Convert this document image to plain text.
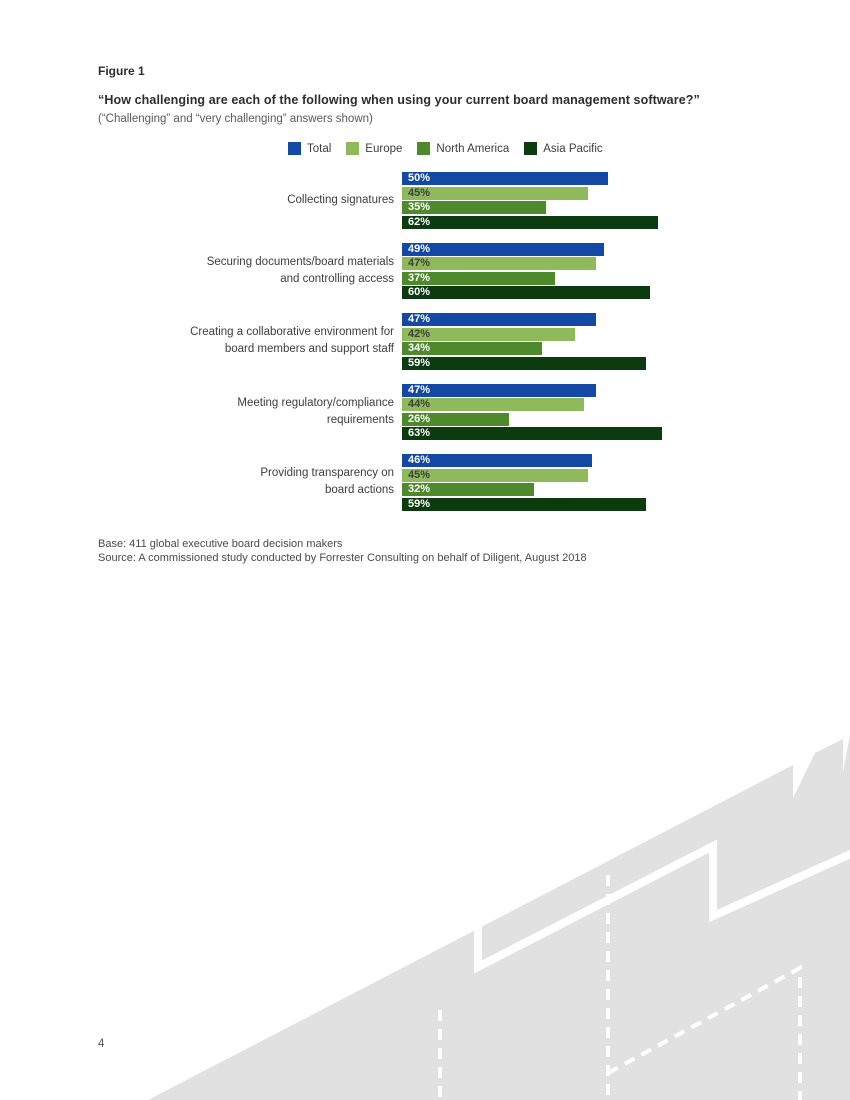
Figure 1
“How challenging are each of the following when using your current board management software?”
(“Challenging” and “very challenging” answers shown)
Total	Europe	North America	Asia Pacific
Collecting signatures
50%
45%
35%
62%
Securing documents/board materials
and controlling access
49%
47%
37%
60%
Creating a collaborative environment for
board members and support staff
47%
42%
34%
59%
Meeting regulatory/compliance
requirements
47%
44%
26%
63%
Providing transparency on
board actions
46%
45%
32%
59%
Base: 411 global executive board decision makers
Source: A commissioned study conducted by Forrester Consulting on behalf of Diligent, August 2018
4
